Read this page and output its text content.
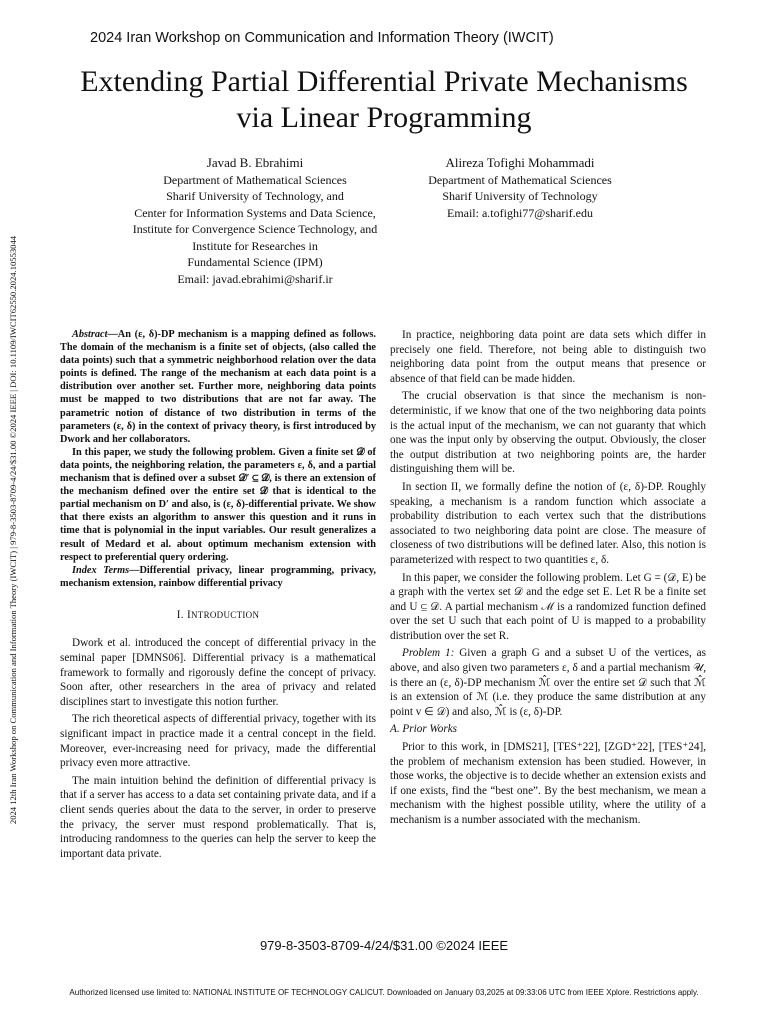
2024 Iran Workshop on Communication and Information Theory (IWCIT)
Extending Partial Differential Private Mechanisms
via Linear Programming
Javad B. Ebrahimi
Department of Mathematical Sciences
Sharif University of Technology, and
Center for Information Systems and Data Science,
Institute for Convergence Science Technology, and
Institute for Researches in
Fundamental Science (IPM)
Email: javad.ebrahimi@sharif.ir
Alireza Tofighi Mohammadi
Department of Mathematical Sciences
Sharif University of Technology
Email: a.tofighi77@sharif.edu
2024 12th Iran Workshop on Communication and Information Theory (IWCIT) | 979-8-3503-8709-4/24/$31.00 ©2024 IEEE | DOI: 10.1109/IWCIT62550.2024.10553044	Abstract—An (ε, δ)-DP mechanism is a mapping defined as follows. The domain of the mechanism is a finite set of objects, (also called the data points) such that a symmetric neighborhood relation over the data points is defined. The range of the mechanism at each data point is a distribution over another set. Further more, neighboring data points must be mapped to two distributions that are not far away. The parametric notion of distance of two distribution in terms of the parameters (ε, δ) in the context of privacy theory, is first introduced by Dwork and her collaborators.

In this paper, we study the following problem. Given a finite set 𝒟 of data points, the neighboring relation, the parameters ε, δ, and a partial mechanism that is defined over a subset 𝒟′ ⊆ 𝒟, is there an extension of the mechanism defined over the entire set 𝒟 that is identical to the partial mechanism on D′ and also, is (ε, δ)-differential private. We show that there exists an algorithm to answer this question and it runs in time that is polynomial in the input variables. Our result generalizes a result of Medard et al. about optimum mechanism extension with respect to preferential query ordering.

Index Terms—Differential privacy, linear programming, privacy, mechanism extension, rainbow differential privacy

I. INTRODUCTION

Dwork et al. introduced the concept of differential privacy in the seminal paper [DMNS06]. Differential privacy is a mathematical framework to formally and rigorously define the concept of privacy. Soon after, other researchers in the area of privacy and related disciplines start to investigate this notion further.

The rich theoretical aspects of differential privacy, together with its significant impact in practice made it a central concept in the field. Moreover, ever-increasing need for privacy, made the differential privacy even more attractive.

The main intuition behind the definition of differential privacy is that if a server has access to a data set containing private data, and if a client sends queries about the data to the server, in order to preserve the privacy, the server must respond problematically. That is, introducing randomness to the queries can help the server to keep the important data private.

In practice, neighboring data point are data sets which differ in precisely one field. Therefore, not being able to distinguish two neighboring data point from the output means that presence or absence of that field can be made hidden.

The crucial observation is that since the mechanism is non-deterministic, if we know that one of the two neighboring data points is the actual input of the mechanism, we can not guaranty that which one was the input only by observing the output. Obviously, the closer the output distribution at two neighboring points are, the harder distinguishing them will be.

In section II, we formally define the notion of (ε, δ)-DP. Roughly speaking, a mechanism is a random function which associate a probability distribution to each vertex such that the distributions associated to two neighboring data point are close. The measure of closeness of two distributions will be defined later. Also, this notion is parameterized with respect to two quantities ε, δ.

In this paper, we consider the following problem. Let G = (𝒟, E) be a graph with the vertex set 𝒟 and the edge set E. Let R be a finite set and U ⊆ 𝒟. A partial mechanism ℳ is a randomized function defined over the set U such that each point of U is mapped to a probability distribution over the set R.

Problem 1: Given a graph G and a subset U of the vertices, as above, and also given two parameters ε, δ and a partial mechanism 𝒰, is there an (ε, δ)-DP mechanism ℳ̂ over the entire set 𝒟 such that ℳ̂ is an extension of ℳ (i.e. they produce the same distribution at any point v ∈ 𝒟) and also, ℳ̂ is (ε, δ)-DP.

A. Prior Works

Prior to this work, in [DMS21], [TES⁺22], [ZGD⁺22], [TES⁺24], the problem of mechanism extension has been studied. However, in those works, the objective is to decide whether an extension exists and if one exists, find the “best one”. By the best mechanism, we mean a mechanism with the highest possible utility, where the utility of a mechanism is a number associated with the mechanism.

979-8-3503-8709-4/24/$31.00 ©2024 IEEE
Authorized licensed use limited to: NATIONAL INSTITUTE OF TECHNOLOGY CALICUT. Downloaded on January 03,2025 at 09:33:06 UTC from IEEE Xplore. Restrictions apply.
